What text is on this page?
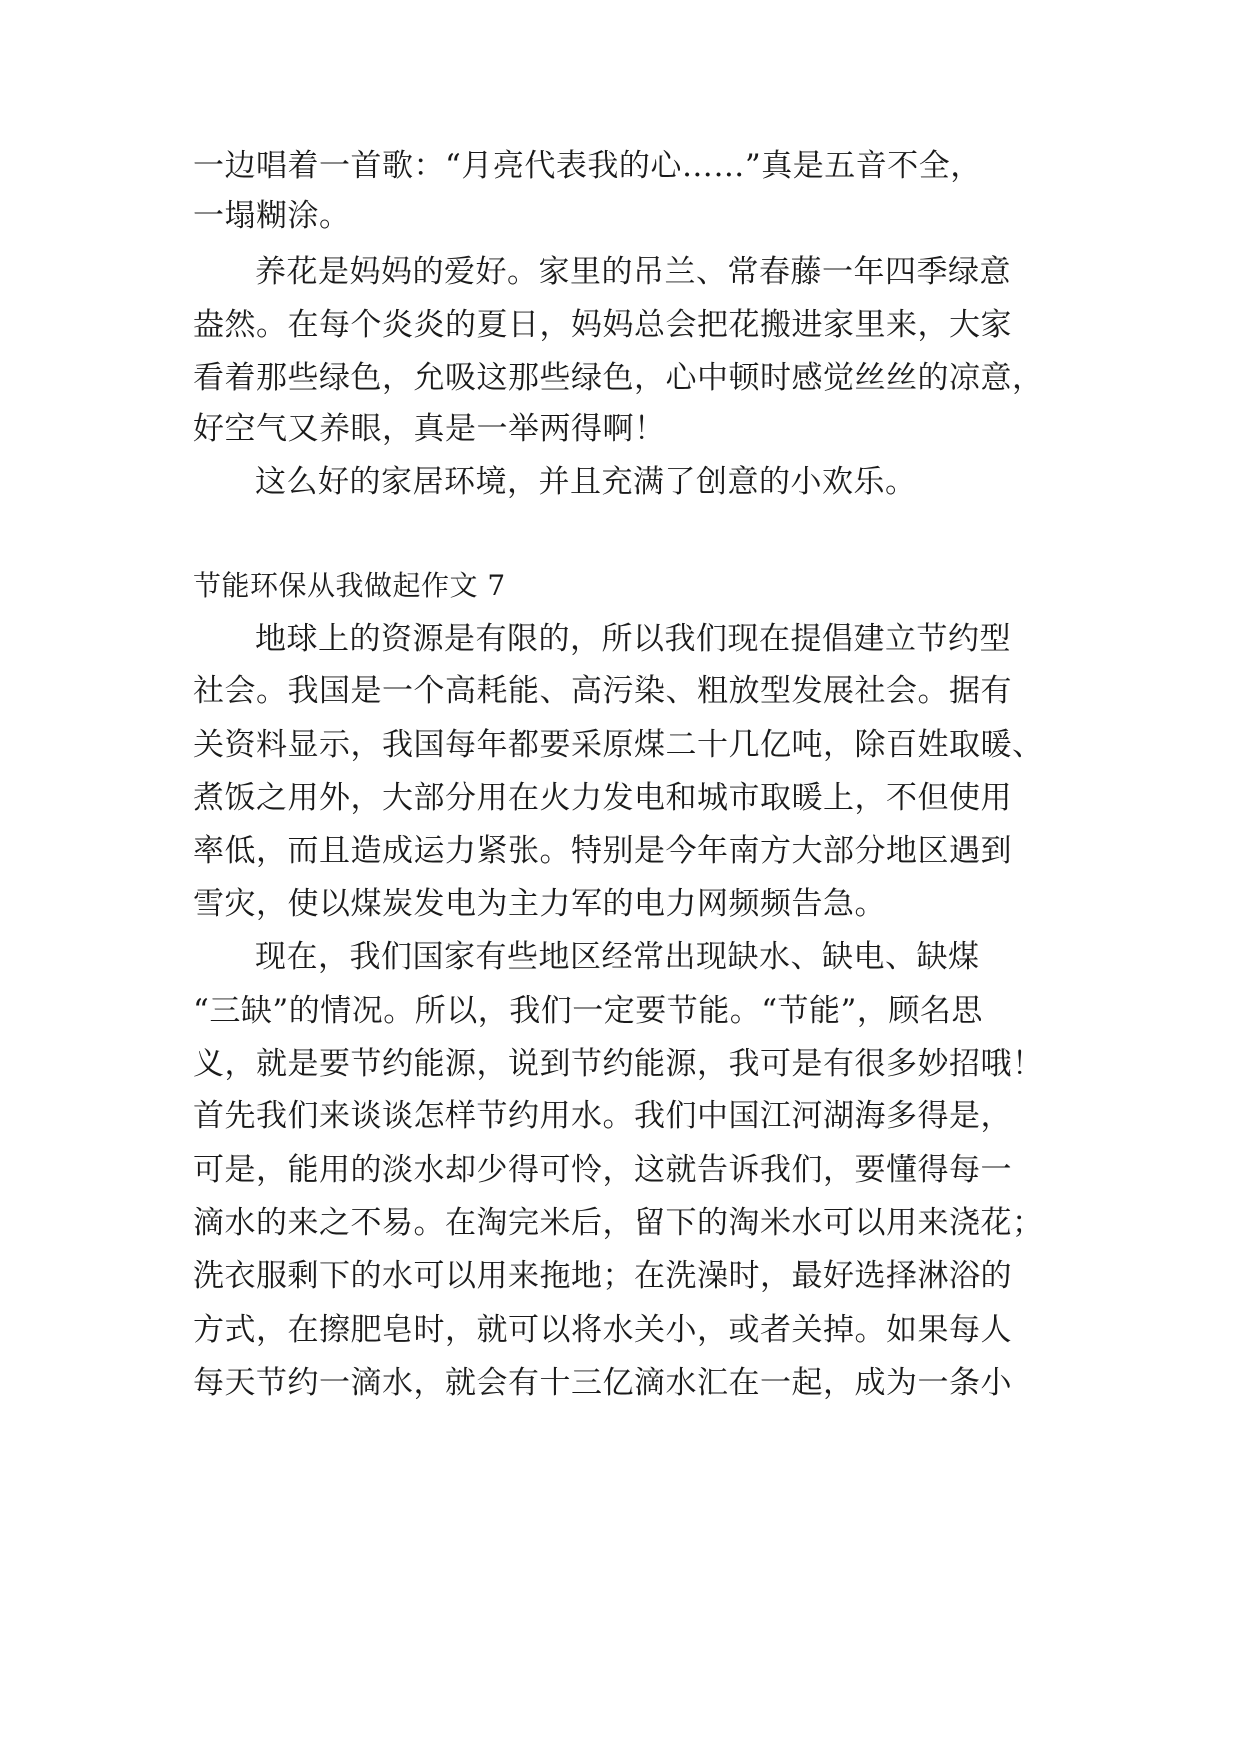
一边唱着一首歌：“月亮代表我的心……”真是五音不全，
一塌糊涂。
养花是妈妈的爱好。家里的吊兰、常春藤一年四季绿意
盎然。在每个炎炎的夏日，妈妈总会把花搬进家里来，大家
看着那些绿色，允吸这那些绿色，心中顿时感觉丝丝的凉意，
好空气又养眼，真是一举两得啊！
这么好的家居环境，并且充满了创意的小欢乐。
节能环保从我做起作文 7
地球上的资源是有限的，所以我们现在提倡建立节约型
社会。我国是一个高耗能、高污染、粗放型发展社会。据有
关资料显示，我国每年都要采原煤二十几亿吨，除百姓取暖、
煮饭之用外，大部分用在火力发电和城市取暖上，不但使用
率低，而且造成运力紧张。特别是今年南方大部分地区遇到
雪灾，使以煤炭发电为主力军的电力网频频告急。
现在，我们国家有些地区经常出现缺水、缺电、缺煤
“三缺”的情况。所以，我们一定要节能。“节能”，顾名思
义，就是要节约能源，说到节约能源，我可是有很多妙招哦！
首先我们来谈谈怎样节约用水。我们中国江河湖海多得是，
可是，能用的淡水却少得可怜，这就告诉我们，要懂得每一
滴水的来之不易。在淘完米后，留下的淘米水可以用来浇花；
洗衣服剩下的水可以用来拖地；在洗澡时，最好选择淋浴的
方式，在擦肥皂时，就可以将水关小，或者关掉。如果每人
每天节约一滴水，就会有十三亿滴水汇在一起，成为一条小
